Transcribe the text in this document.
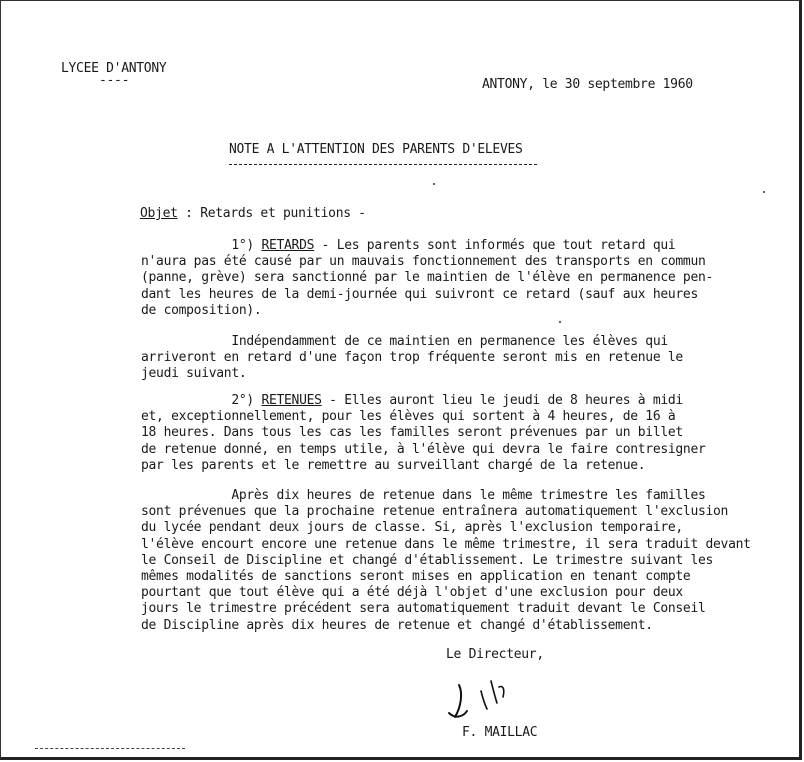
LYCEE D'ANTONY
----	ANTONY, le 30 septembre 1960
NOTE A L'ATTENTION DES PARENTS D'ELEVES
Objet : Retards et punitions -
1°) RETARDS - Les parents sont informés que tout retard qui
n'aura pas été causé par un mauvais fonctionnement des transports en commun
(panne, grève) sera sanctionné par le maintien de l'élève en permanence pen-
dant les heures de la demi-journée qui suivront ce retard (sauf aux heures
de composition).
Indépendamment de ce maintien en permanence les élèves qui
arriveront en retard d'une façon trop fréquente seront mis en retenue le
jeudi suivant.
2°) RETENUES - Elles auront lieu le jeudi de 8 heures à midi
et, exceptionnellement, pour les élèves qui sortent à 4 heures, de 16 à
18 heures. Dans tous les cas les familles seront prévenues par un billet
de retenue donné, en temps utile, à l'élève qui devra le faire contresigner
par les parents et le remettre au surveillant chargé de la retenue.
Après dix heures de retenue dans le même trimestre les familles
sont prévenues que la prochaine retenue entraînera automatiquement l'exclusion
du lycée pendant deux jours de classe. Si, après l'exclusion temporaire,
l'élève encourt encore une retenue dans le même trimestre, il sera traduit devant
le Conseil de Discipline et changé d'établissement. Le trimestre suivant les
mêmes modalités de sanctions seront mises en application en tenant compte
pourtant que tout élève qui a été déjà l'objet d'une exclusion pour deux
jours le trimestre précédent sera automatiquement traduit devant le Conseil
de Discipline après dix heures de retenue et changé d'établissement.
Le Directeur,
F. MAILLAC
